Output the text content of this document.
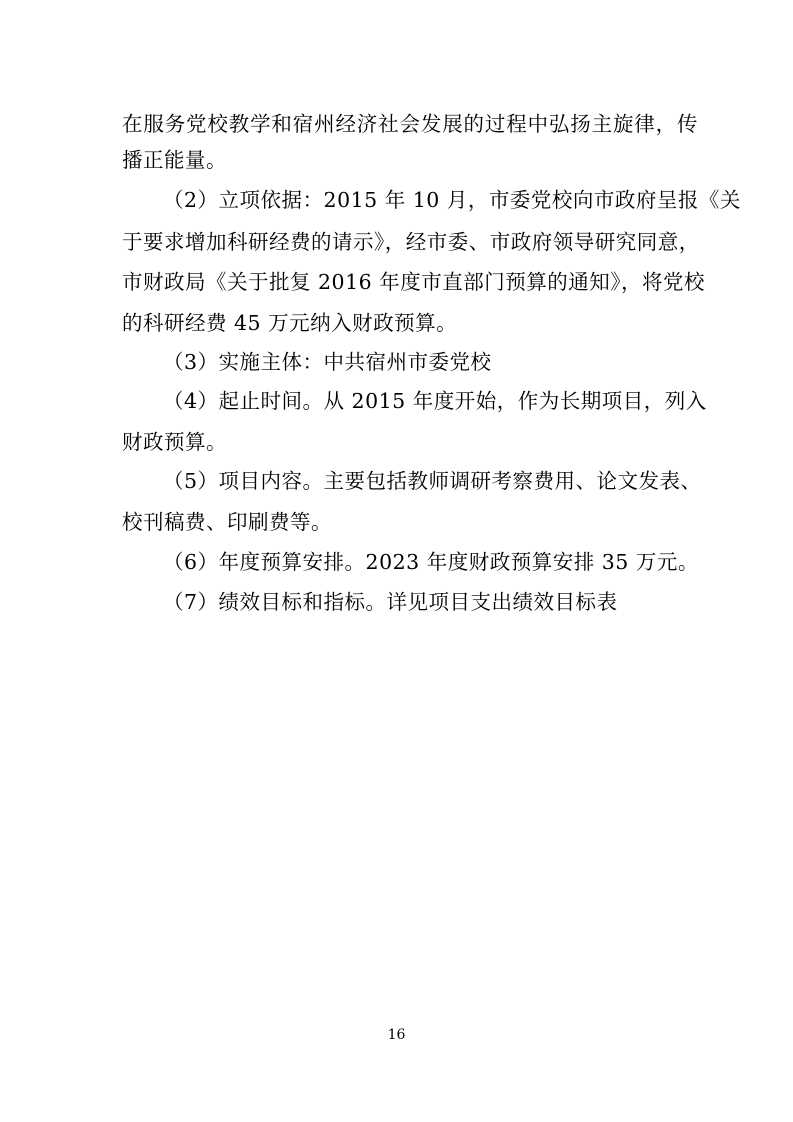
在服务党校教学和宿州经济社会发展的过程中弘扬主旋律，传
播正能量。
（2）立项依据：2015 年 10 月，市委党校向市政府呈报《关
于要求增加科研经费的请示》，经市委、市政府领导研究同意，
市财政局《关于批复 2016 年度市直部门预算的通知》，将党校
的科研经费 45 万元纳入财政预算。
（3）实施主体：中共宿州市委党校
（4）起止时间。从 2015 年度开始，作为长期项目，列入
财政预算。
（5）项目内容。主要包括教师调研考察费用、论文发表、
校刊稿费、印刷费等。
（6）年度预算安排。2023 年度财政预算安排 35 万元。
（7）绩效目标和指标。详见项目支出绩效目标表
16
